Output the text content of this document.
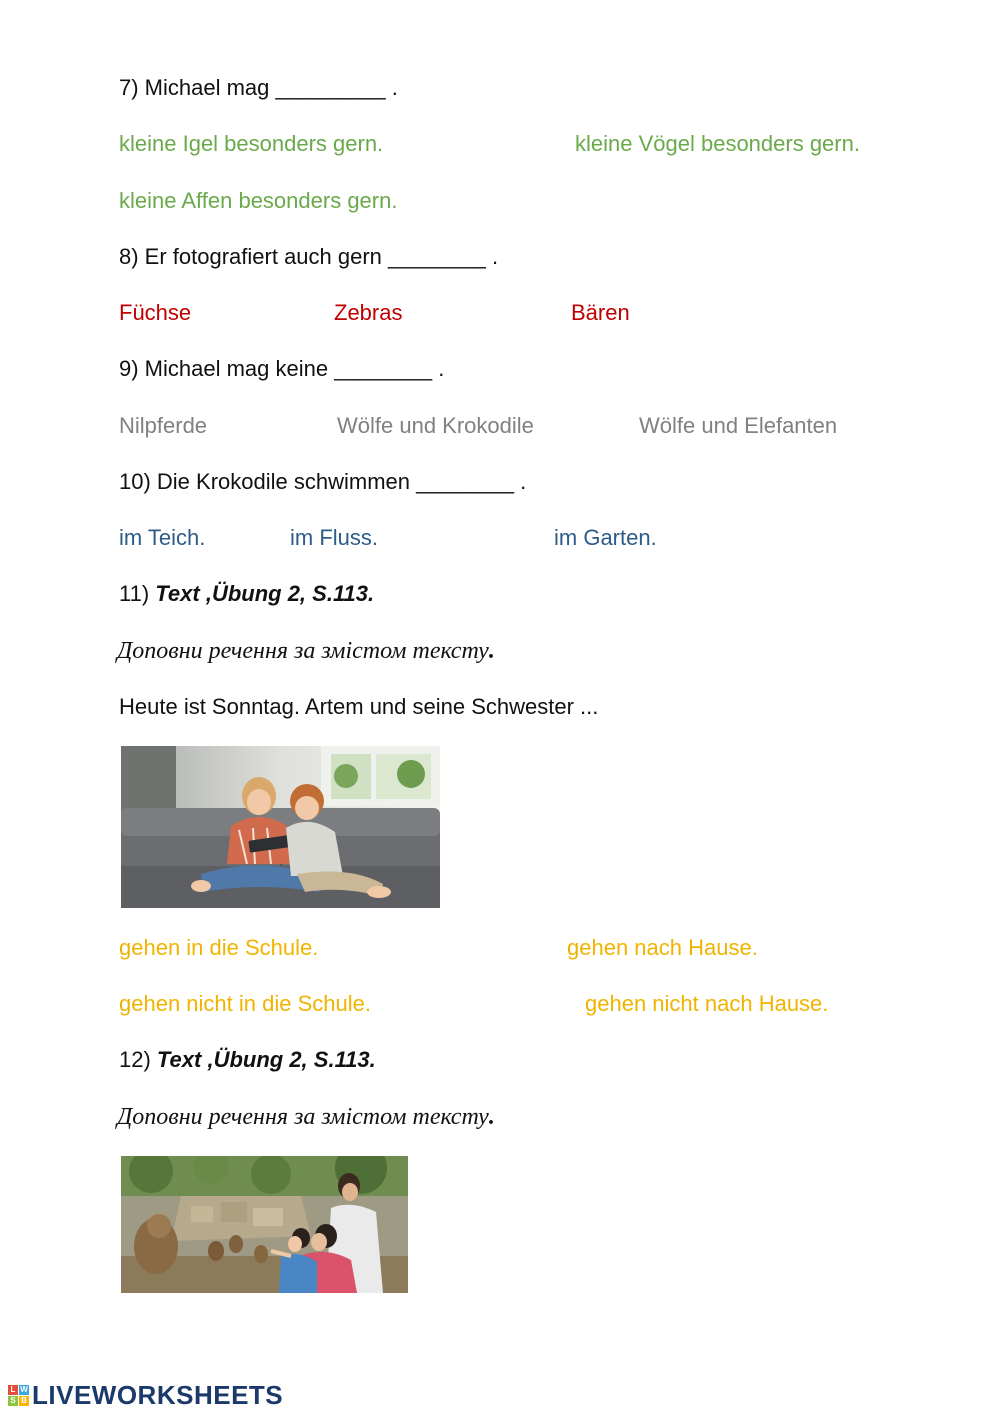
7) Michael mag _________ .
kleine Igel besonders gern.	kleine Vögel besonders gern.
kleine Affen besonders gern.
8) Er fotografiert auch gern ________ .
Füchse	Zebras	Bären
9) Michael mag keine ________ .
Nilpferde	Wölfe und Krokodile	Wölfe und Elefanten
10) Die Krokodile schwimmen ________ .
im Teich.	im Fluss.	im Garten.
11) Text ,Übung 2, S.113.
Доповни речення за змістом тексту.
Heute ist Sonntag. Artem und seine Schwester ...
gehen in die Schule.	gehen nach Hause.
gehen nicht in die Schule.	gehen nicht nach Hause.
12) Text ,Übung 2, S.113.
Доповни речення за змістом тексту.
L W
S B LIVEWORKSHEETS
